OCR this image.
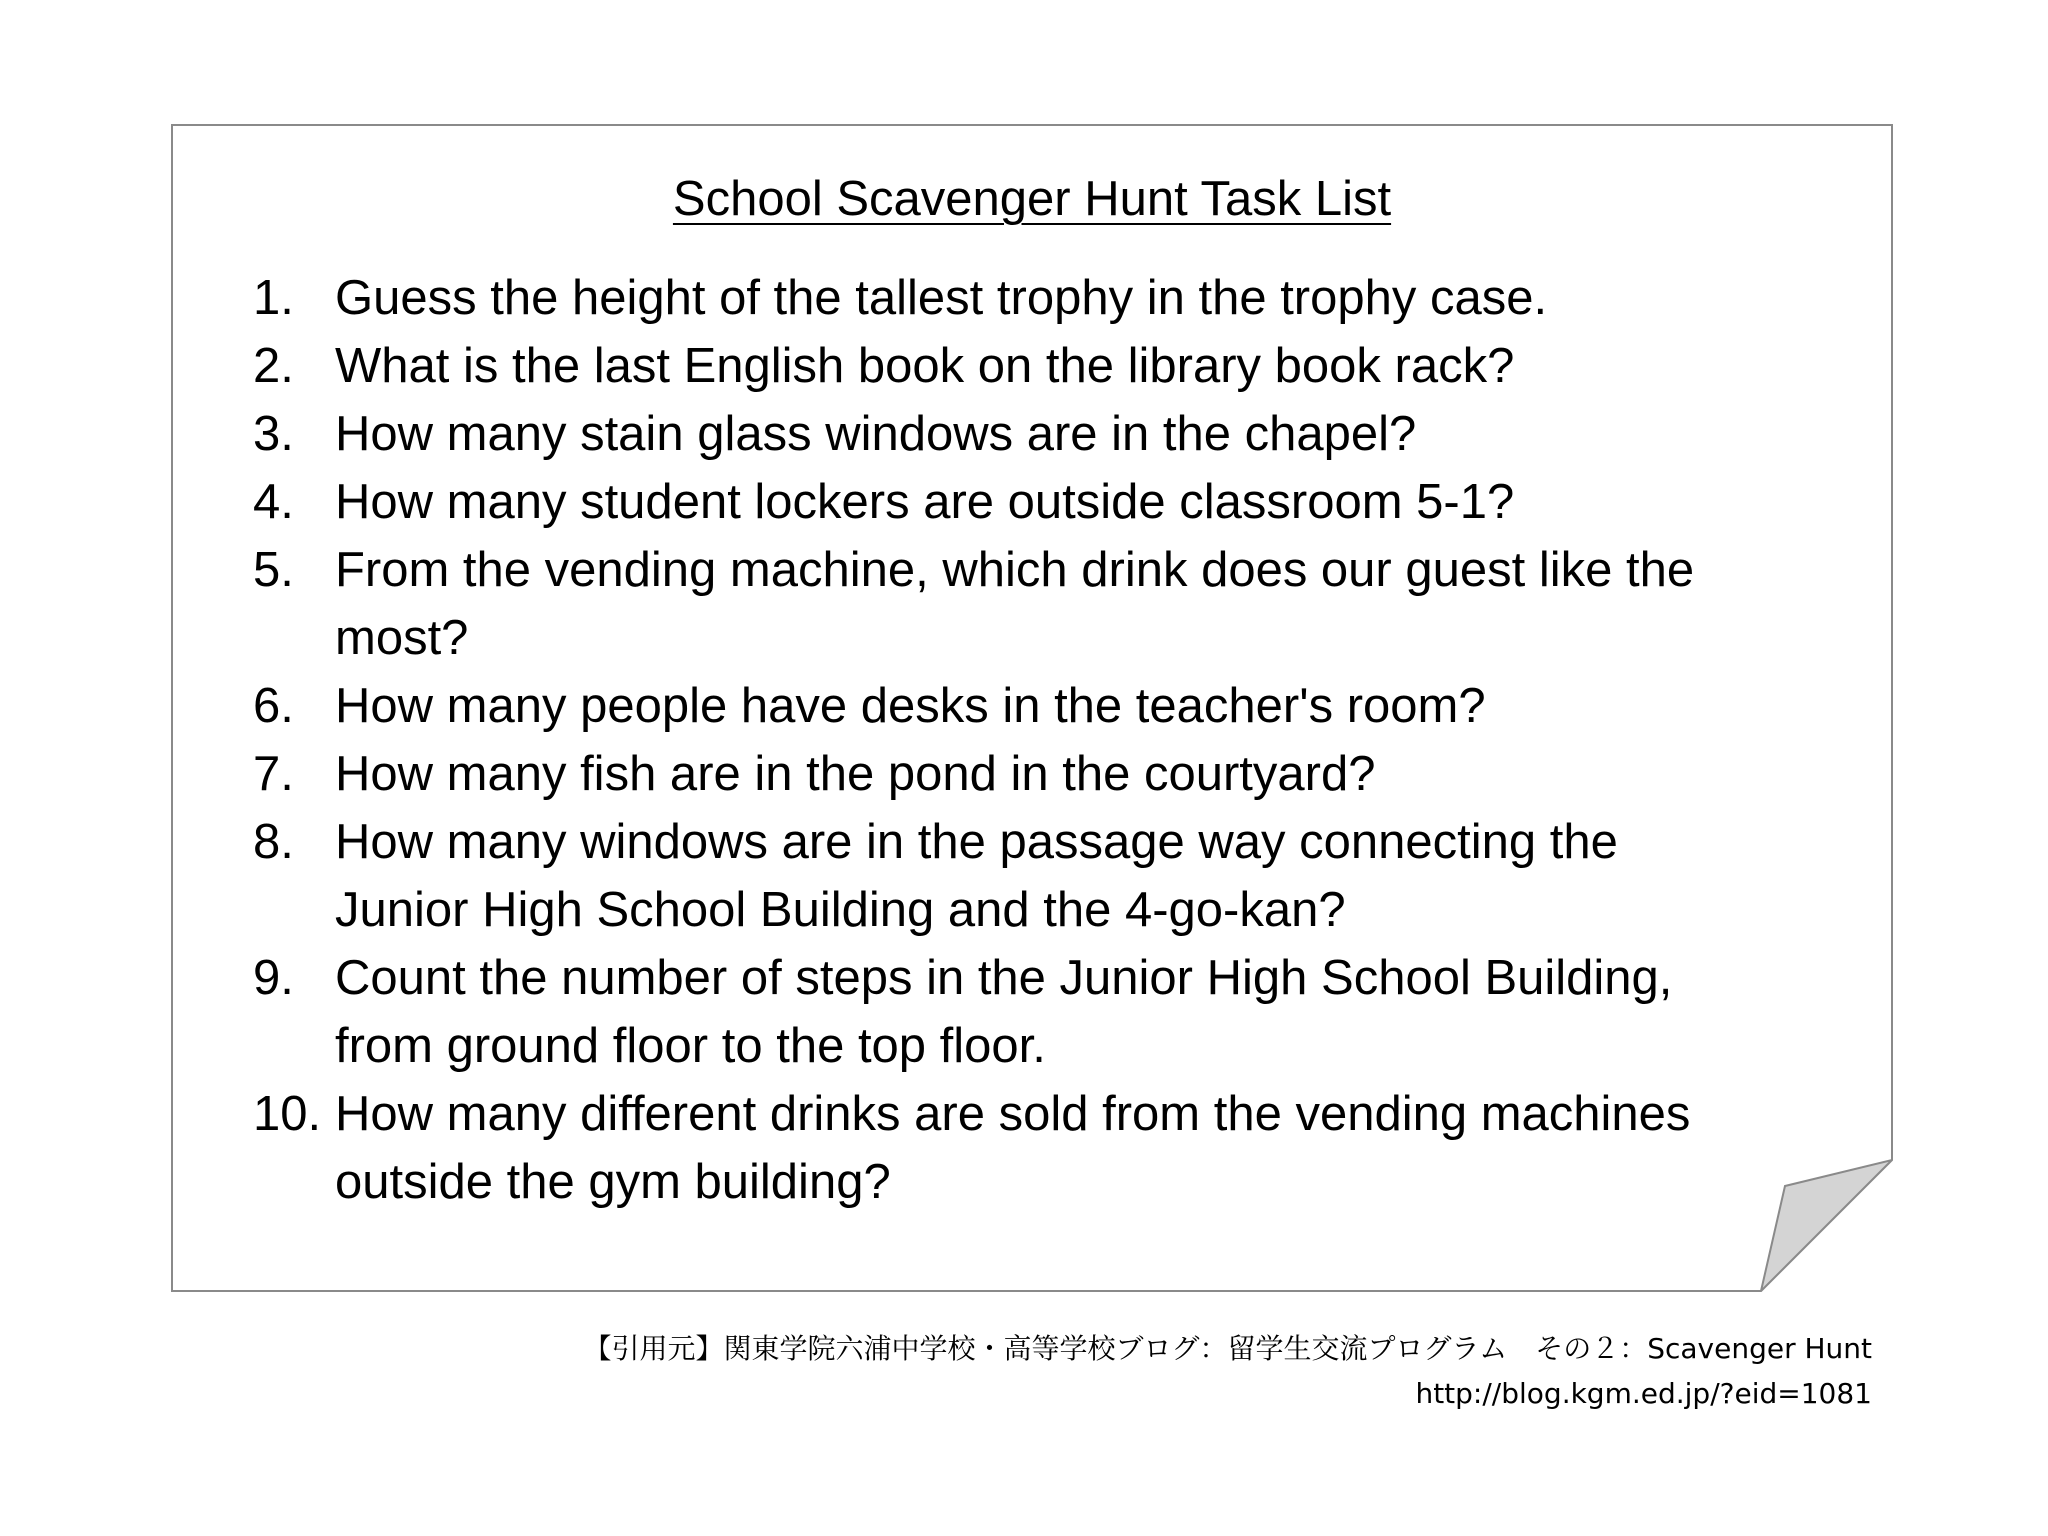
School Scavenger Hunt Task List
1. Guess the height of the tallest trophy in the trophy case.
2. What is the last English book on the library book rack?
3. How many stain glass windows are in the chapel?
4. How many student lockers are outside classroom 5-1?
5. From the vending machine, which drink does our guest like the most?
6. How many people have desks in the teacher's room?
7. How many fish are in the pond in the courtyard?
8. How many windows are in the passage way connecting the Junior High School Building and the 4-go-kan?
9. Count the number of steps in the Junior High School Building, from ground floor to the top floor.
10. How many different drinks are sold from the vending machines outside the gym building?
【引用元】関東学院六浦中学校・高等学校ブログ：留学生交流プログラム　その２：Scavenger Hunt
http://blog.kgm.ed.jp/?eid=1081
